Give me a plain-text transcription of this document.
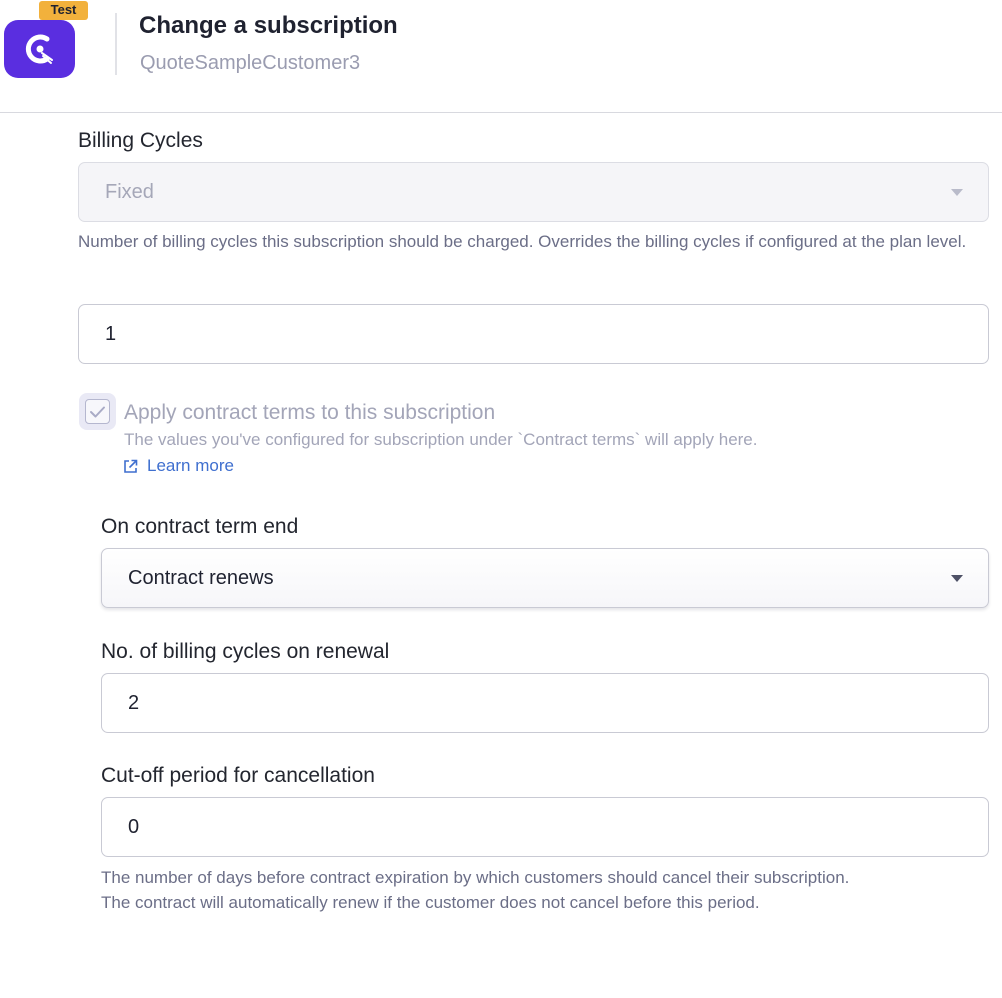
Test
Change a subscription
QuoteSampleCustomer3
Billing Cycles
Fixed
Number of billing cycles this subscription should be charged. Overrides the billing cycles if configured at the plan level.
1
Apply contract terms to this subscription
The values you've configured for subscription under `Contract terms` will apply here.
Learn more
On contract term end
Contract renews
No. of billing cycles on renewal
2
Cut-off period for cancellation
0
The number of days before contract expiration by which customers should cancel their subscription.
The contract will automatically renew if the customer does not cancel before this period.
